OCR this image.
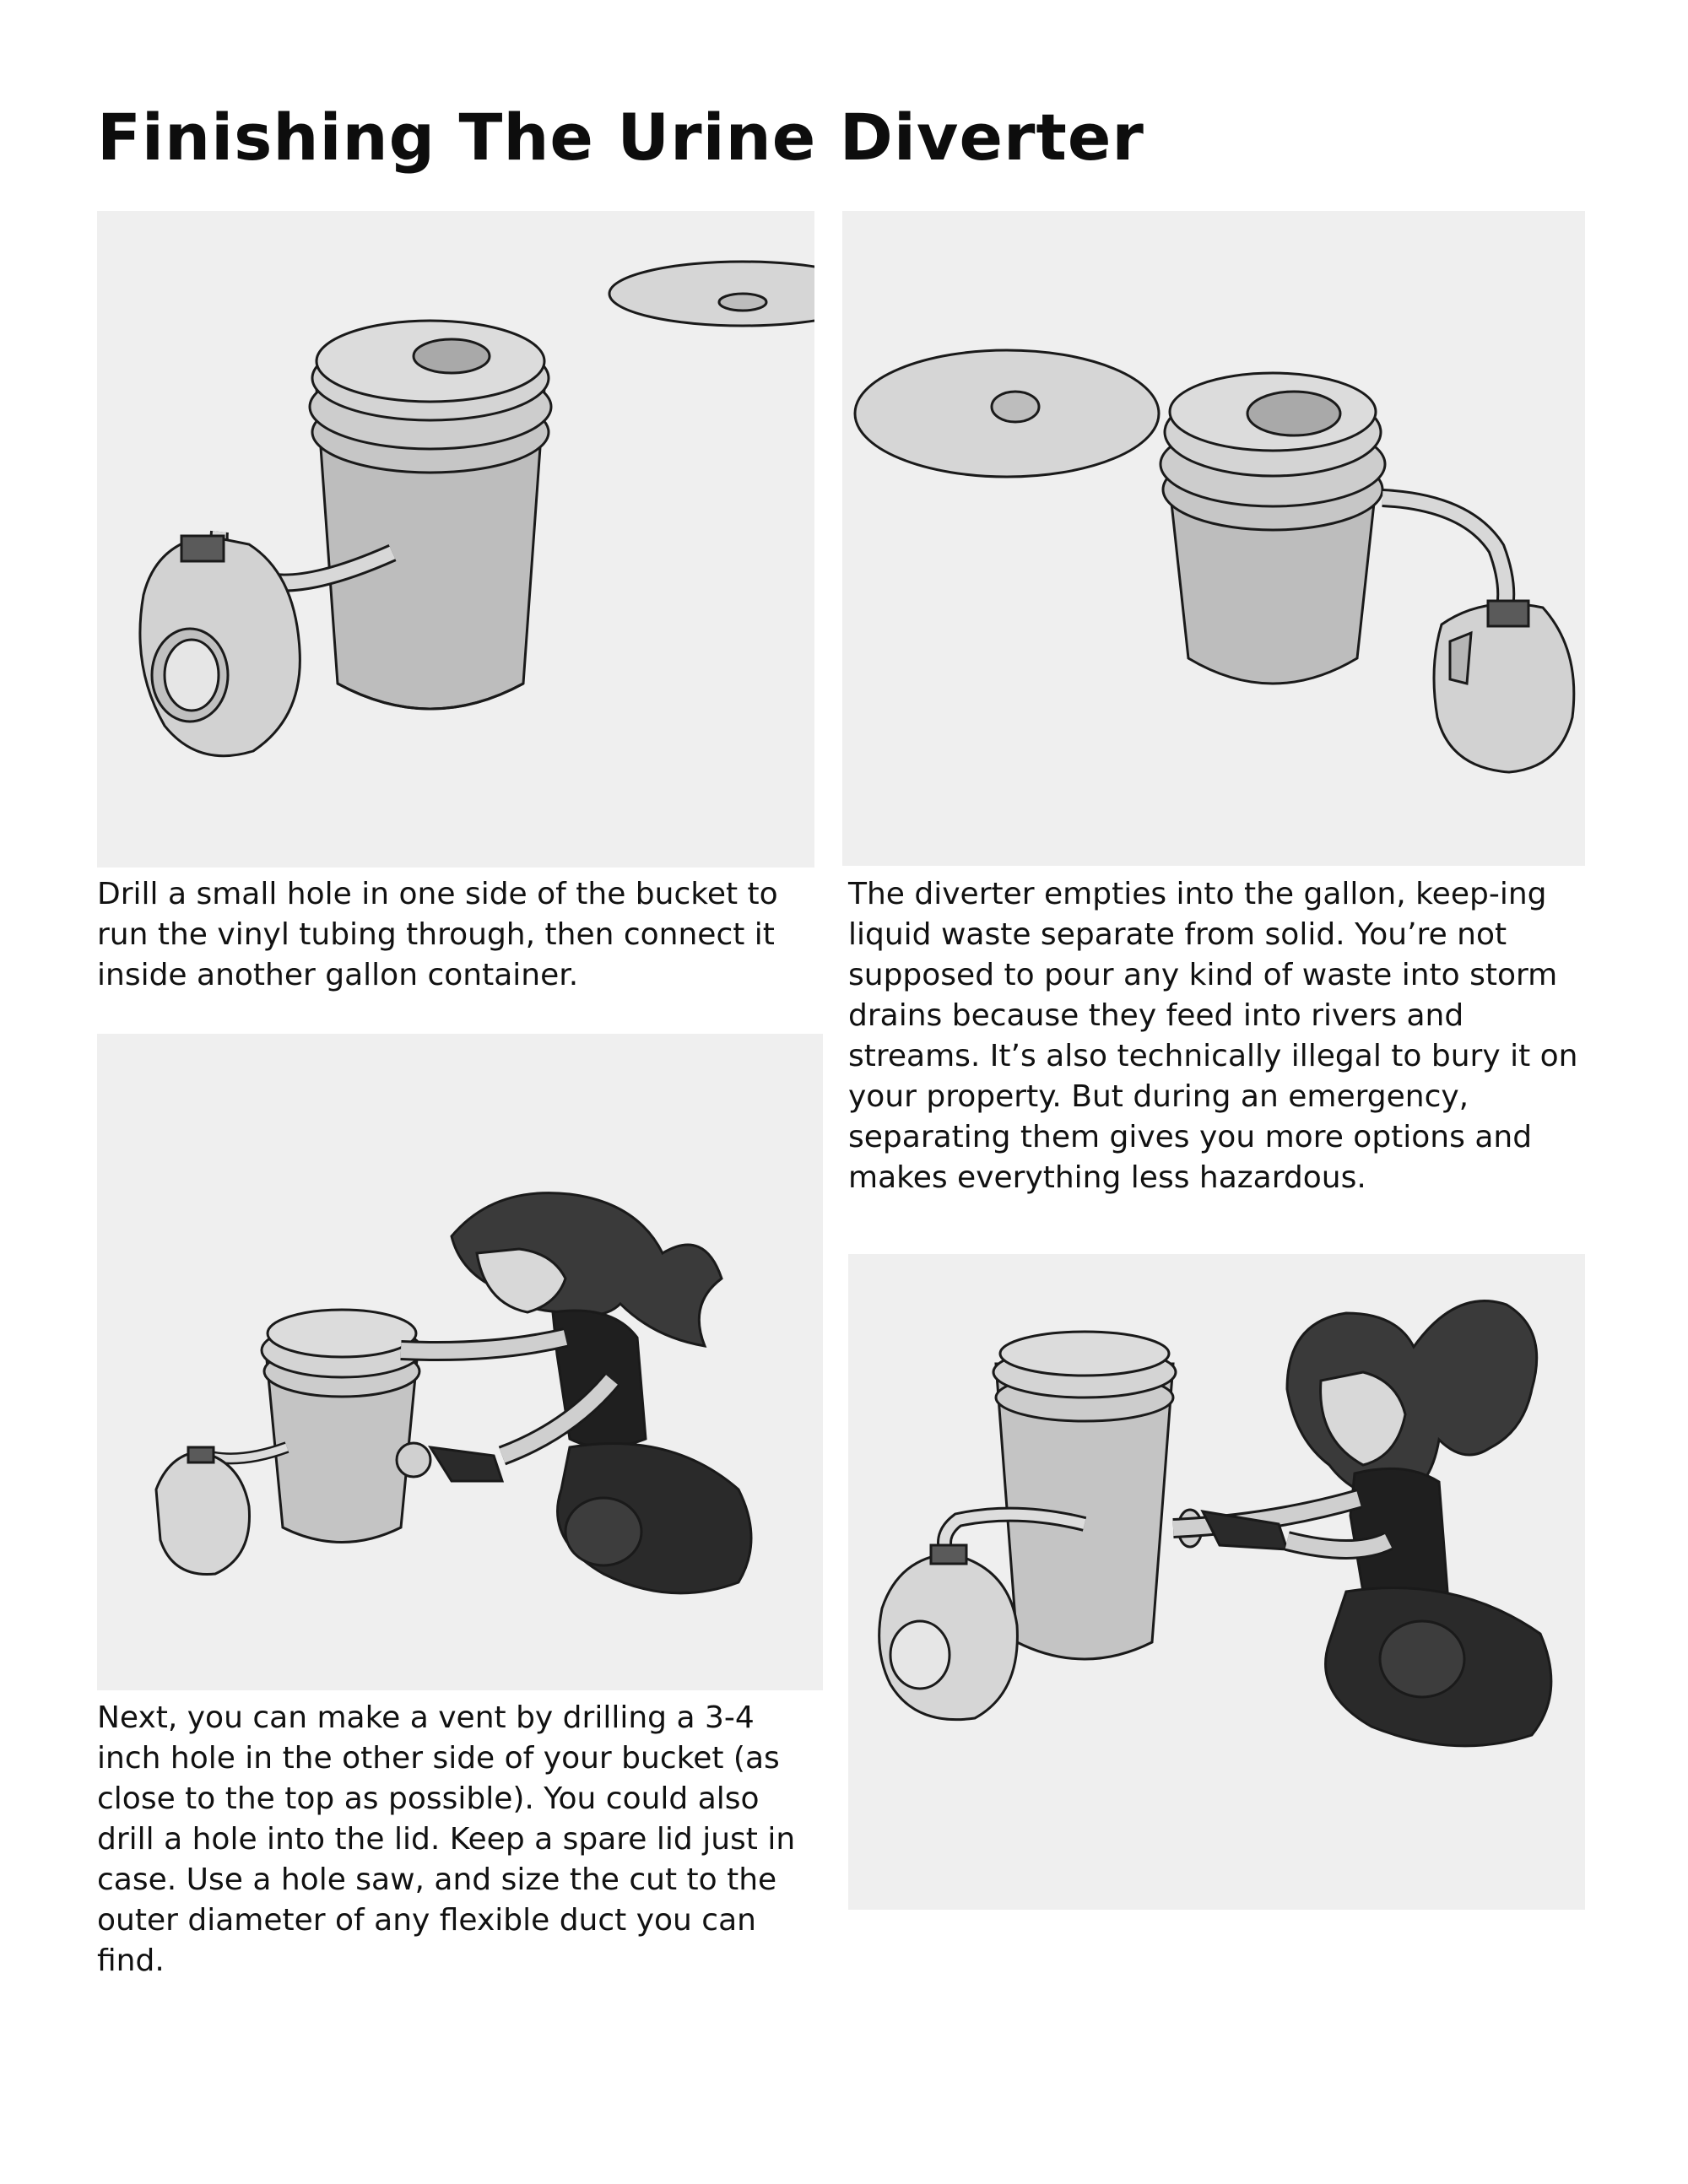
Finishing The Urine Diverter

Drill a small hole in one side of the bucket to run the vinyl tubing through, then connect it inside another gallon container.

The diverter empties into the gallon, keep-ing liquid waste separate from solid. You’re not supposed to pour any kind of waste into storm drains because they feed into rivers and streams. It’s also technically illegal to bury it on your property. But during an emergency, separating them gives you more options and makes everything less hazardous.

Next, you can make a vent by drilling a 3-4 inch hole in the other side of your bucket (as close to the top as possible). You could also drill a hole into the lid. Keep a spare lid just in case. Use a hole saw, and size the cut to the outer diameter of any flexible duct you can find.
